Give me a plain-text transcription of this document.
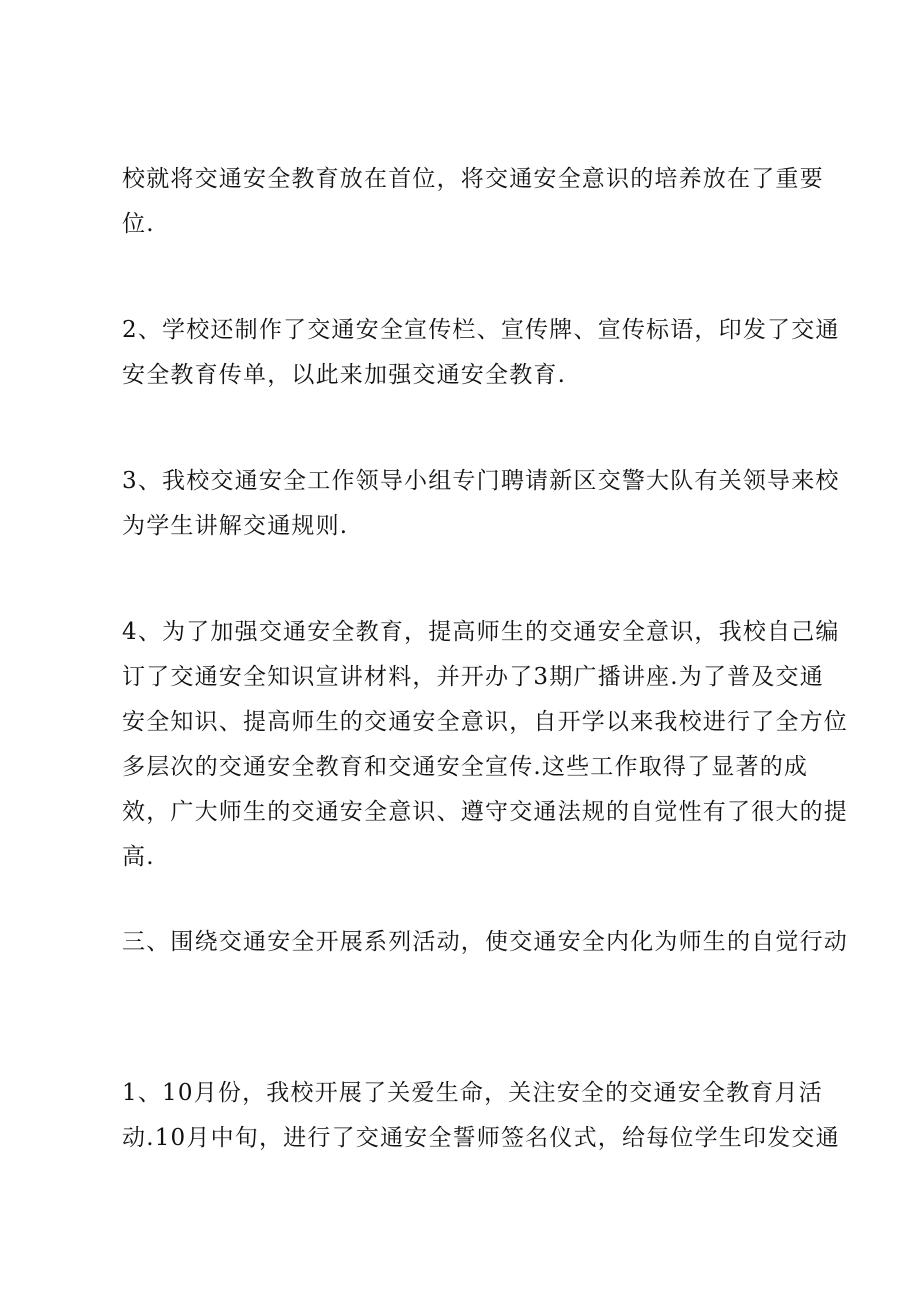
校就将交通安全教育放在首位，将交通安全意识的培养放在了重要
位.

2、学校还制作了交通安全宣传栏、宣传牌、宣传标语，印发了交通
安全教育传单，以此来加强交通安全教育.

3、我校交通安全工作领导小组专门聘请新区交警大队有关领导来校
为学生讲解交通规则.

4、为了加强交通安全教育，提高师生的交通安全意识，我校自己编
订了交通安全知识宣讲材料，并开办了3期广播讲座.为了普及交通
安全知识、提高师生的交通安全意识，自开学以来我校进行了全方位
多层次的交通安全教育和交通安全宣传.这些工作取得了显著的成
效，广大师生的交通安全意识、遵守交通法规的自觉性有了很大的提
高.

三、围绕交通安全开展系列活动，使交通安全内化为师生的自觉行动

1、10月份，我校开展了关爱生命，关注安全的交通安全教育月活
动.10月中旬，进行了交通安全誓师签名仪式，给每位学生印发交通
